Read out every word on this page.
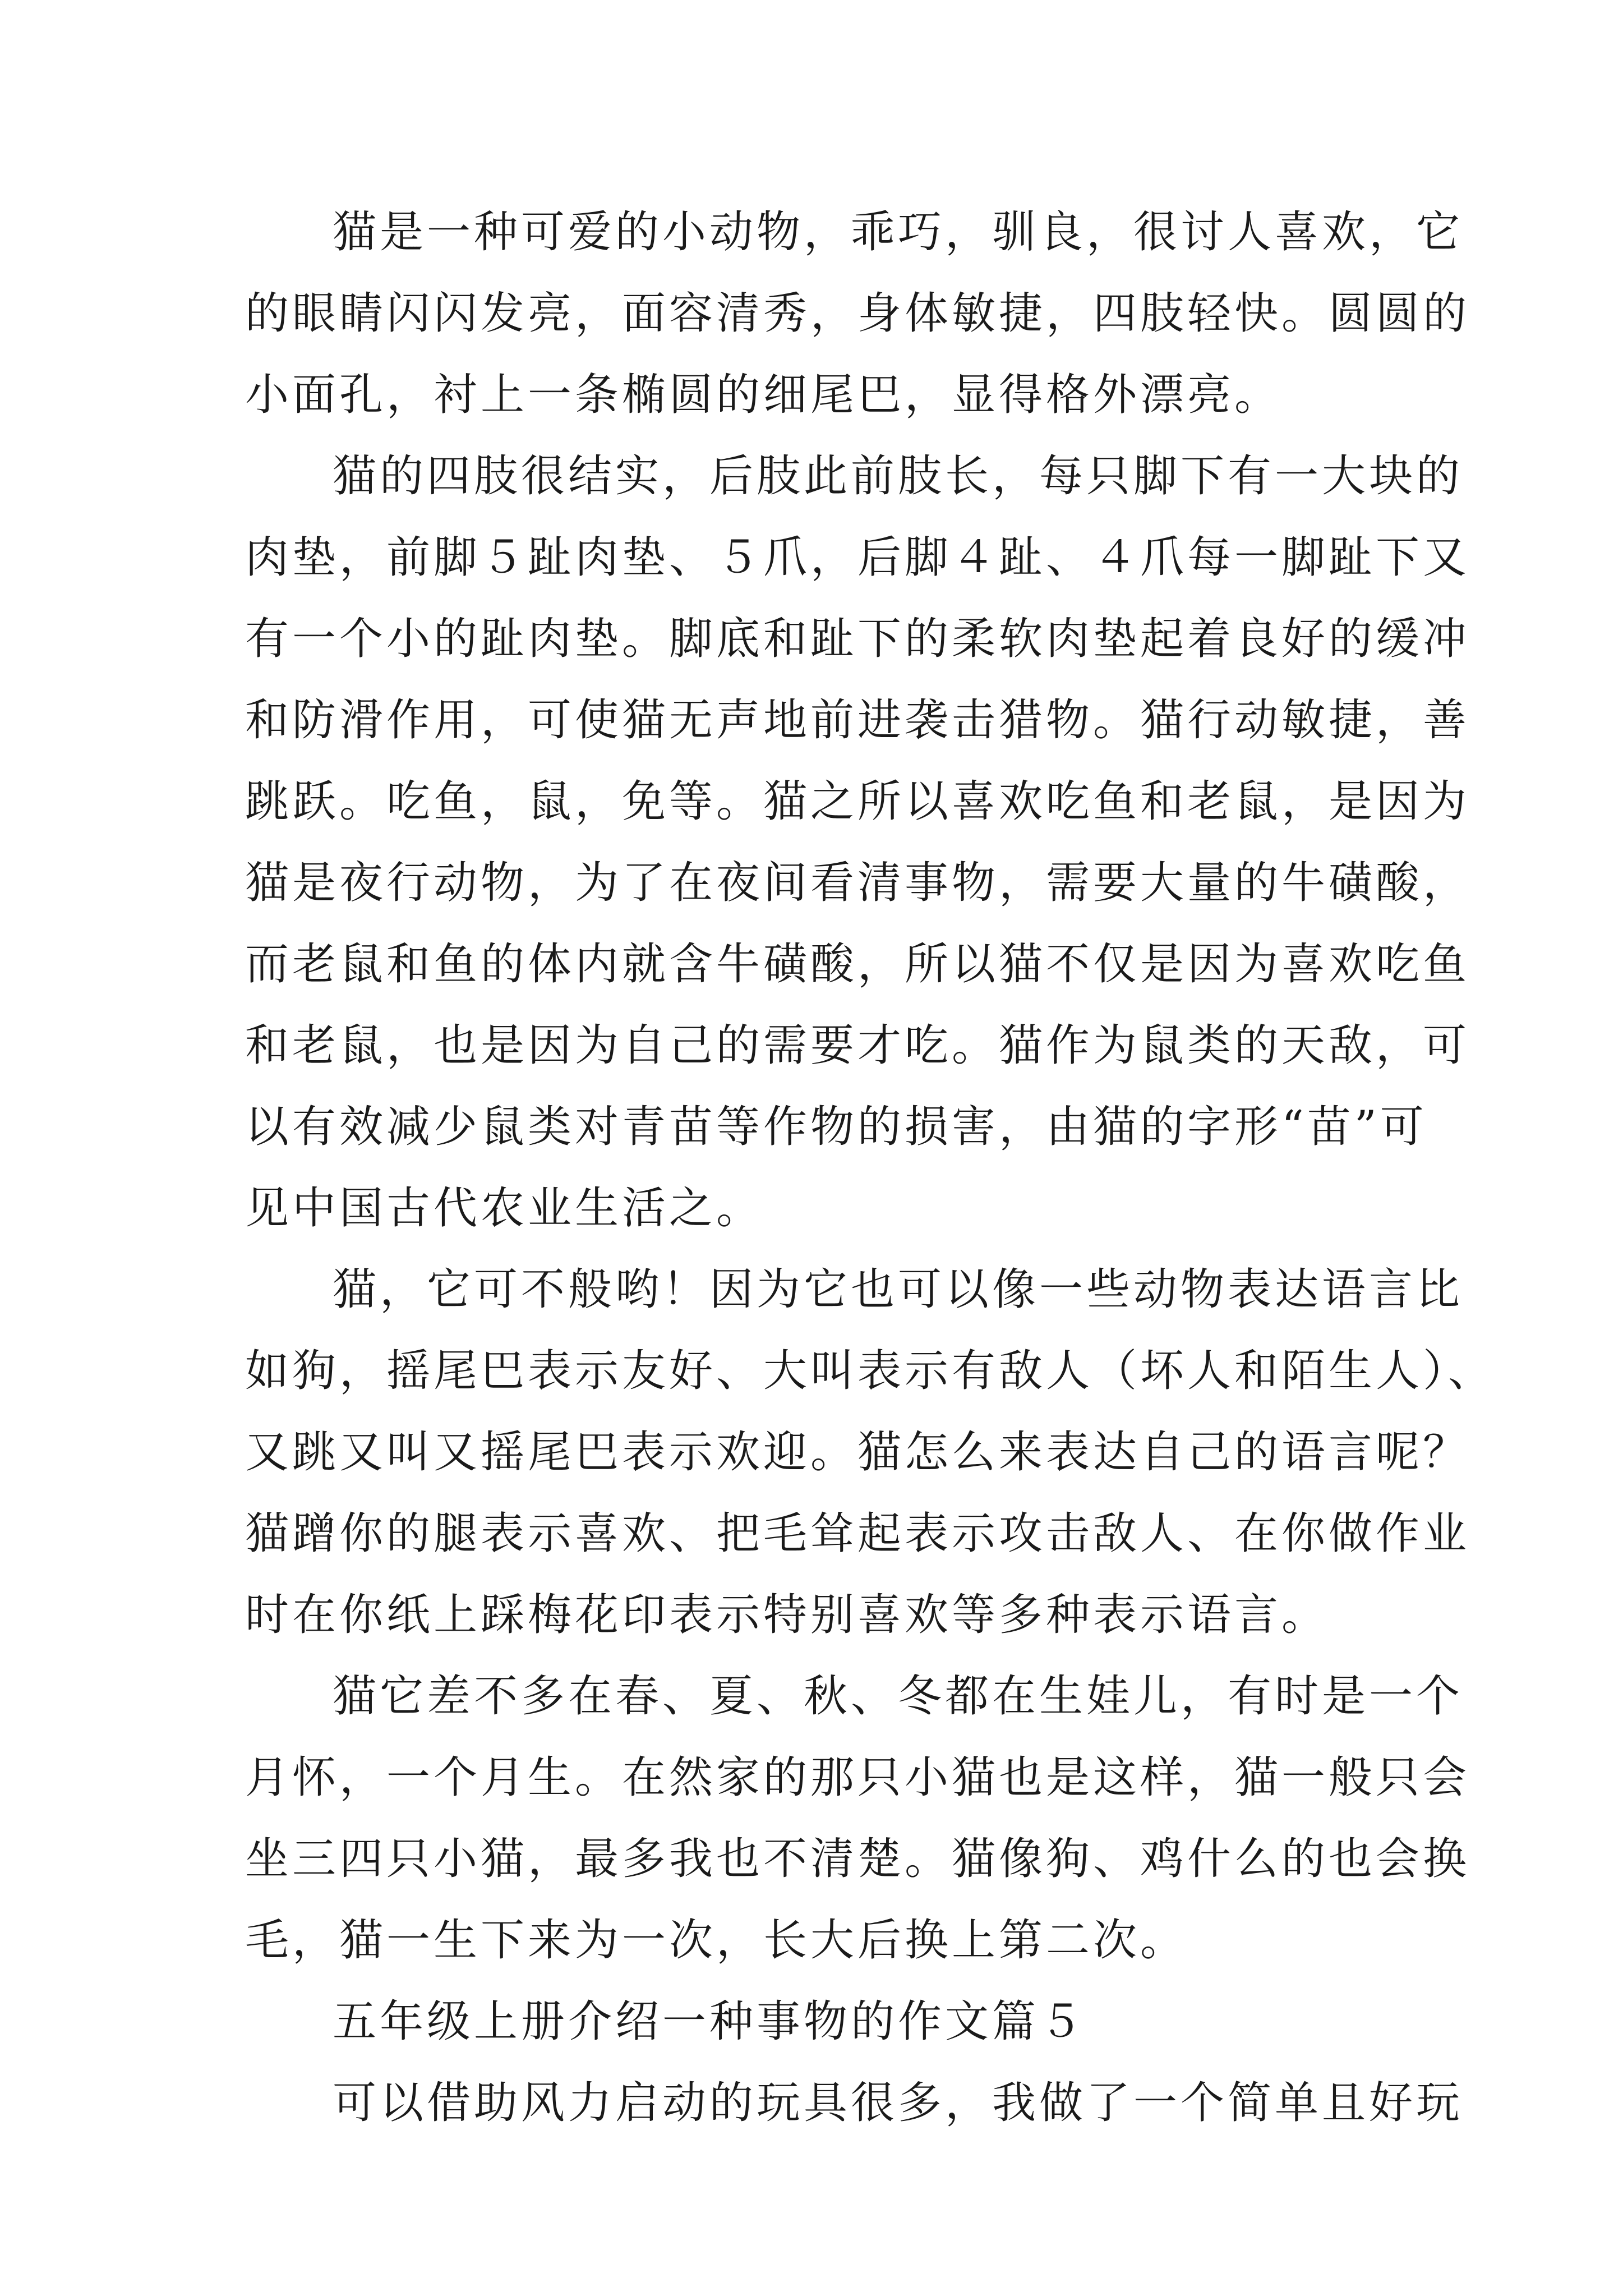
猫是一种可爱的小动物，乖巧，驯良，很讨人喜欢，它
的眼睛闪闪发亮，面容清秀，身体敏捷，四肢轻快。圆圆的
小面孔，衬上一条椭圆的细尾巴，显得格外漂亮。
猫的四肢很结实，后肢此前肢长，每只脚下有一大块的
肉垫，前脚５趾肉垫、５爪，后脚４趾、４爪每一脚趾下又
有一个小的趾肉垫。脚底和趾下的柔软肉垫起着良好的缓冲
和防滑作用，可使猫无声地前进袭击猎物。猫行动敏捷，善
跳跃。吃鱼，鼠，免等。猫之所以喜欢吃鱼和老鼠，是因为
猫是夜行动物，为了在夜间看清事物，需要大量的牛磺酸，
而老鼠和鱼的体内就含牛磺酸，所以猫不仅是因为喜欢吃鱼
和老鼠，也是因为自己的需要才吃。猫作为鼠类的天敌，可
以有效减少鼠类对青苗等作物的损害，由猫的字形“苗”可
见中国古代农业生活之。
猫，它可不般哟！因为它也可以像一些动物表达语言比
如狗，摇尾巴表示友好、大叫表示有敌人（坏人和陌生人）、
又跳又叫又摇尾巴表示欢迎。猫怎么来表达自己的语言呢？
猫蹭你的腿表示喜欢、把毛耸起表示攻击敌人、在你做作业
时在你纸上踩梅花印表示特别喜欢等多种表示语言。
猫它差不多在春、夏、秋、冬都在生娃儿，有时是一个
月怀，一个月生。在然家的那只小猫也是这样，猫一般只会
坐三四只小猫，最多我也不清楚。猫像狗、鸡什么的也会换
毛，猫一生下来为一次，长大后换上第二次。
五年级上册介绍一种事物的作文篇５
可以借助风力启动的玩具很多，我做了一个简单且好玩
